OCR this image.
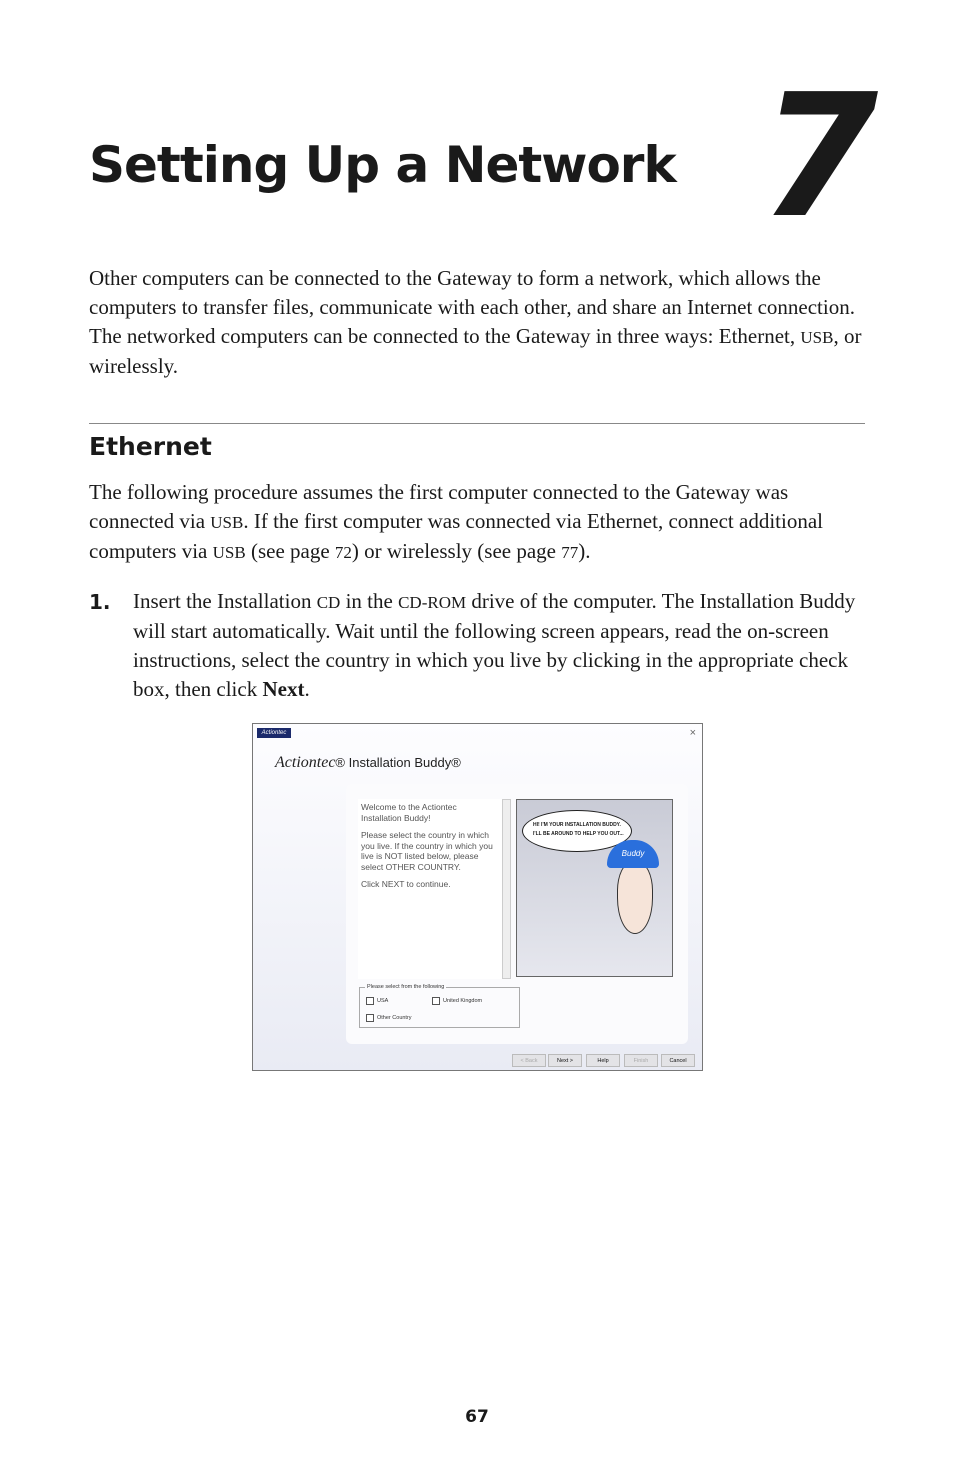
Setting Up a Network 7

Other computers can be connected to the Gateway to form a network, which allows the computers to transfer files, communicate with each other, and share an Internet connection. The networked computers can be connected to the Gateway in three ways: Ethernet, USB, or wirelessly.

Ethernet

The following procedure assumes the first computer connected to the Gateway was connected via USB. If the first computer was connected via Ethernet, connect additional computers via USB (see page 72) or wirelessly (see page 77).

1. Insert the Installation CD in the CD-ROM drive of the computer. The Installation Buddy will start automatically. Wait until the following screen appears, read the on-screen instructions, select the country in which you live by clicking in the appropriate check box, then click Next.

Actiontec	×
Actiontec® Installation Buddy®

Welcome to the Actiontec Installation Buddy!

Please select the country in which you live. If the country in which you live is NOT listed below, please select OTHER COUNTRY.

Click NEXT to continue.

HI! I'M YOUR INSTALLATION BUDDY.
I'LL BE AROUND TO HELP YOU OUT...
Buddy
Please select from the following
USA	United Kingdom
Other Country
< Back	Next >	Help	Finish	Cancel
67
